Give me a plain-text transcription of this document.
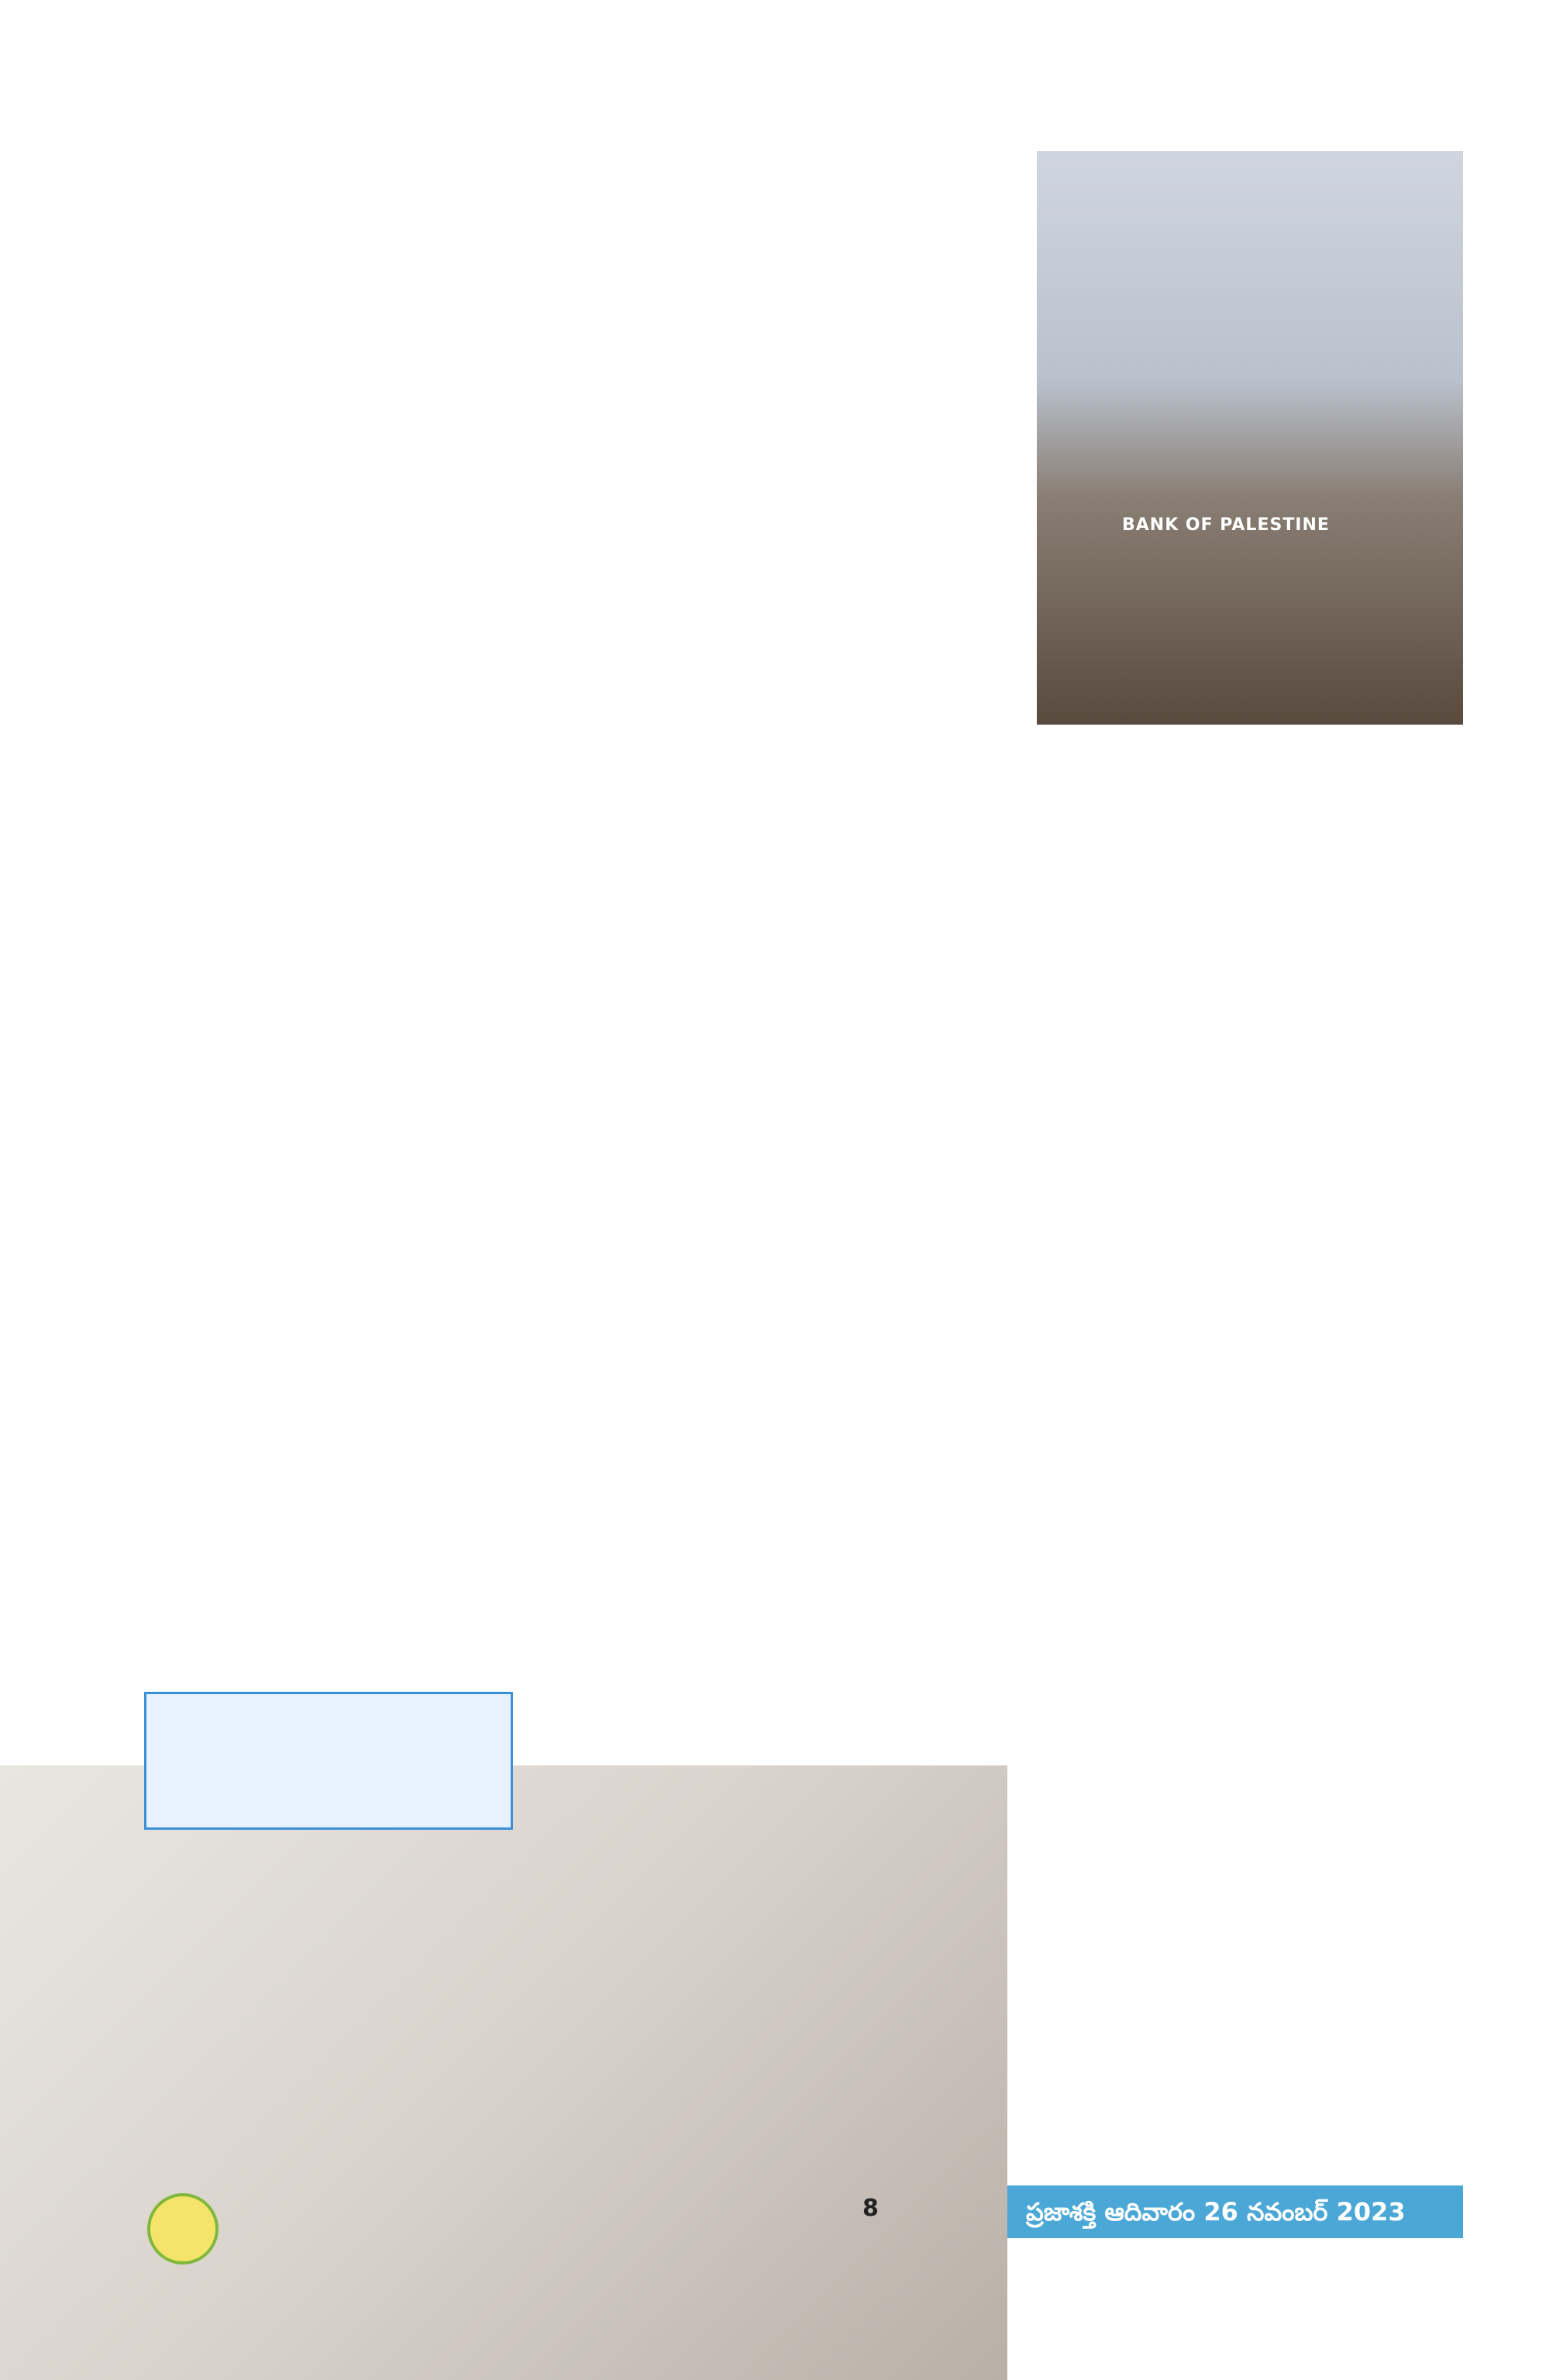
BANK OF PALESTINE

8	ప్రజాశక్తి ఆదివారం 26 నవంబర్ 2023
